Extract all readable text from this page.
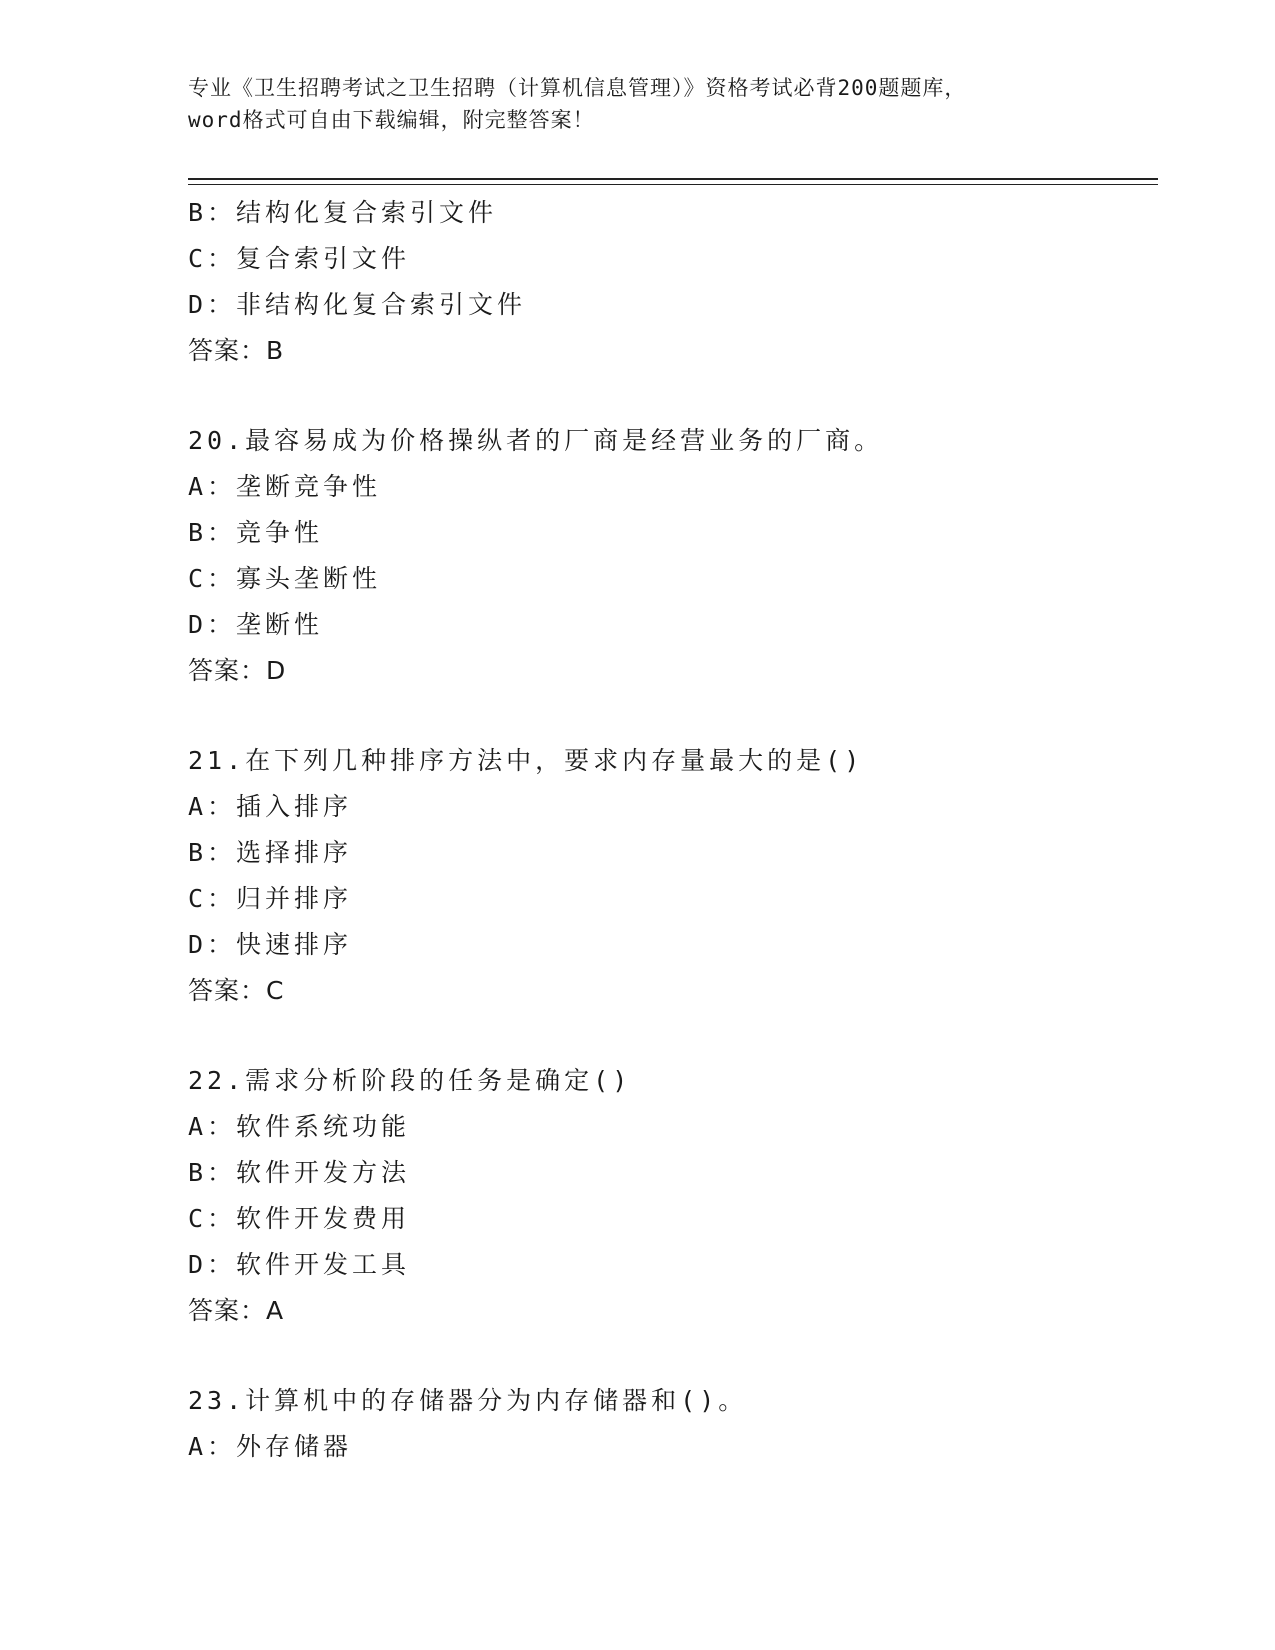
专业《卫生招聘考试之卫生招聘（计算机信息管理）》资格考试必背200题题库，
word格式可自由下载编辑，附完整答案！
B：结构化复合索引文件
C：复合索引文件
D：非结构化复合索引文件
答案：B
20.最容易成为价格操纵者的厂商是经营业务的厂商。
A：垄断竞争性
B：竞争性
C：寡头垄断性
D：垄断性
答案：D
21.在下列几种排序方法中，要求内存量最大的是()
A：插入排序
B：选择排序
C：归并排序
D：快速排序
答案：C
22.需求分析阶段的任务是确定()
A：软件系统功能
B：软件开发方法
C：软件开发费用
D：软件开发工具
答案：A
23.计算机中的存储器分为内存储器和()。
A：外存储器
